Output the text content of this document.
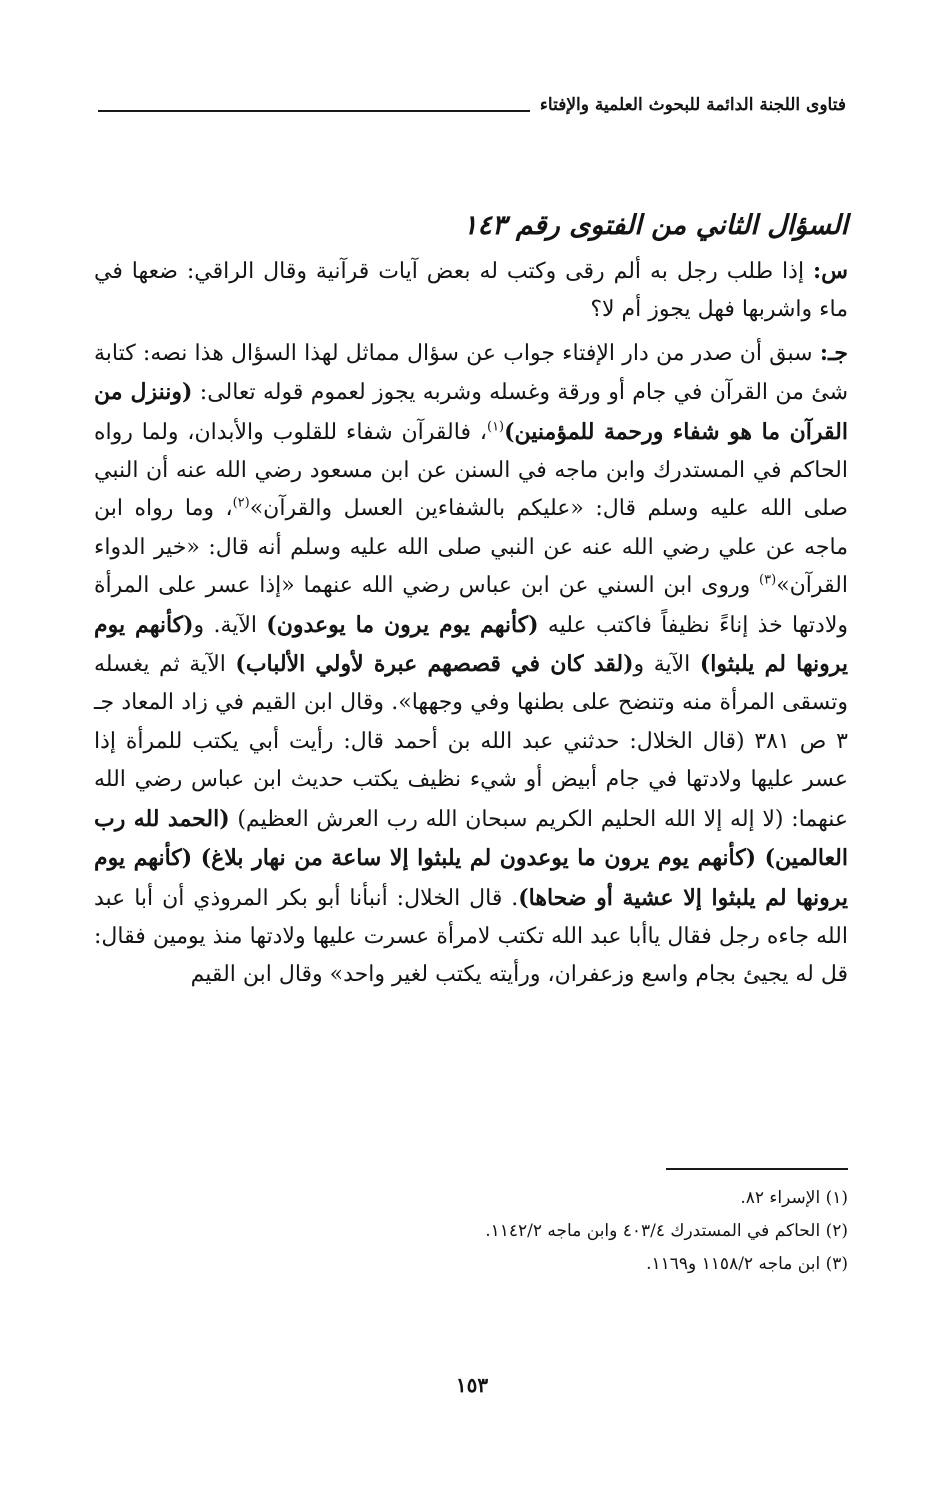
فتاوى اللجنة الدائمة للبحوث العلمية والإفتاء
السؤال الثاني من الفتوى رقم ١٤٣

س: إذا طلب رجل به ألم رقى وكتب له بعض آيات قرآنية وقال الراقي: ضعها في ماء واشربها فهل يجوز أم لا؟

جـ: سبق أن صدر من دار الإفتاء جواب عن سؤال مماثل لهذا السؤال هذا نصه: كتابة شئ من القرآن في جام أو ورقة وغسله وشربه يجوز لعموم قوله تعالى: (وننزل من القرآن ما هو شفاء ورحمة للمؤمنين)$^{(١)}$، فالقرآن شفاء للقلوب والأبدان، ولما رواه الحاكم في المستدرك وابن ماجه في السنن عن ابن مسعود رضي الله عنه أن النبي صلى الله عليه وسلم قال: «عليكم بالشفاءين العسل والقرآن»$^{(٢)}$، وما رواه ابن ماجه عن علي رضي الله عنه عن النبي صلى الله عليه وسلم أنه قال: «خير الدواء القرآن»$^{(٣)}$ وروى ابن السني عن ابن عباس رضي الله عنهما «إذا عسر على المرأة ولادتها خذ إناءً نظيفاً فاكتب عليه (كأنهم يوم يرون ما يوعدون) الآية. و(كأنهم يوم يرونها لم يلبثوا) الآية و(لقد كان في قصصهم عبرة لأولي الألباب) الآية ثم يغسله وتسقى المرأة منه وتنضح على بطنها وفي وجهها». وقال ابن القيم في زاد المعاد جـ ٣ ص ٣٨١ (قال الخلال: حدثني عبد الله بن أحمد قال: رأيت أبي يكتب للمرأة إذا عسر عليها ولادتها في جام أبيض أو شيء نظيف يكتب حديث ابن عباس رضي الله عنهما: (لا إله إلا الله الحليم الكريم سبحان الله رب العرش العظيم) (الحمد لله رب العالمين) (كأنهم يوم يرون ما يوعدون لم يلبثوا إلا ساعة من نهار بلاغ) (كأنهم يوم يرونها لم يلبثوا إلا عشية أو ضحاها). قال الخلال: أنبأنا أبو بكر المروذي أن أبا عبد الله جاءه رجل فقال ياأبا عبد الله تكتب لامرأة عسرت عليها ولادتها منذ يومين فقال: قل له يجيئ بجام واسع وزعفران، ورأيته يكتب لغير واحد» وقال ابن القيم

(١) الإسراء ٨٢.

(٢) الحاكم في المستدرك ٤٠٣/٤ وابن ماجه ١١٤٢/٢.

(٣) ابن ماجه ١١٥٨/٢ و١١٦٩.

١٥٣
